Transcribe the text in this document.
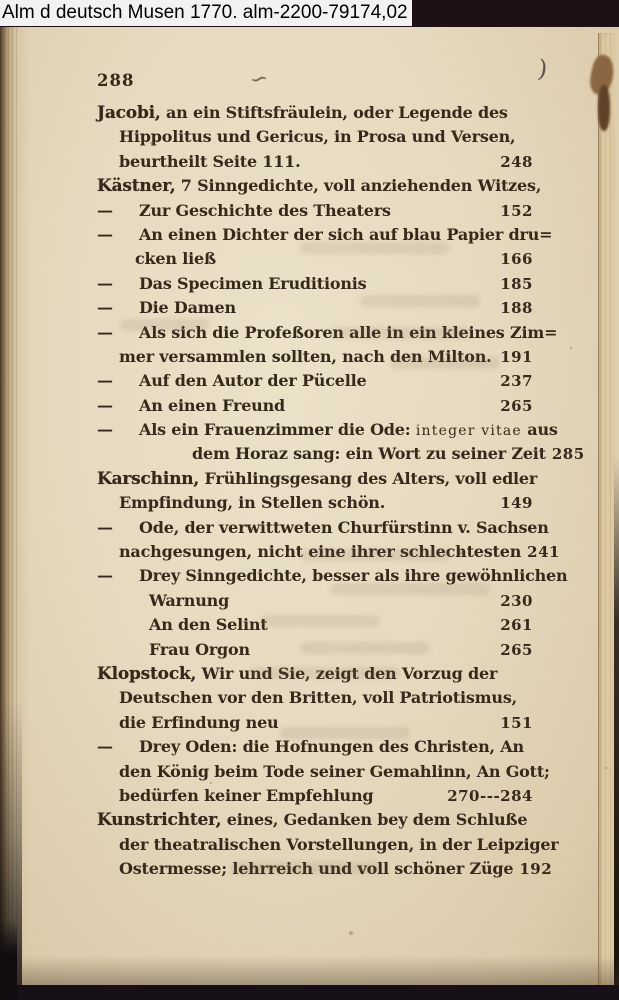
Alm d deutsch Musen 1770. alm-2200-79174,02
∽	)
288
Jacobi, an ein Stiftsfräulein, oder Legende des
Hippolitus und Gericus, in Prosa und Versen,
beurtheilt Seite 111.	248
Kästner, 7 Sinngedichte, voll anziehenden Witzes,
—	Zur Geschichte des Theaters	152
—	An einen Dichter der sich auf blau Papier dru=
cken ließ	166
—	Das Specimen Eruditionis	185
—	Die Damen	188
—	Als sich die Profeßoren alle in ein kleines Zim=
mer versammlen sollten, nach den Milton. 191
—	Auf den Autor der Pücelle	237
—	An einen Freund	265
—	Als ein Frauenzimmer die Ode: integer vitae aus
dem Horaz sang: ein Wort zu seiner Zeit 285
Karschinn, Frühlingsgesang des Alters, voll edler
Empfindung, in Stellen schön.	149
—	Ode, der verwittweten Churfürstinn v. Sachsen
nachgesungen, nicht eine ihrer schlechtesten 241
—	Drey Sinngedichte, besser als ihre gewöhnlichen
Warnung	230
An den Selint	261
Frau Orgon	265
Klopstock, Wir und Sie, zeigt den Vorzug der
Deutschen vor den Britten, voll Patriotismus,
die Erfindung neu	151
—	Drey Oden: die Hofnungen des Christen, An
den König beim Tode seiner Gemahlinn, An Gott;
bedürfen keiner Empfehlung	270---284
Kunstrichter, eines, Gedanken bey dem Schluße
der theatralischen Vorstellungen, in der Leipziger
Ostermesse; lehrreich und voll schöner Züge 192
